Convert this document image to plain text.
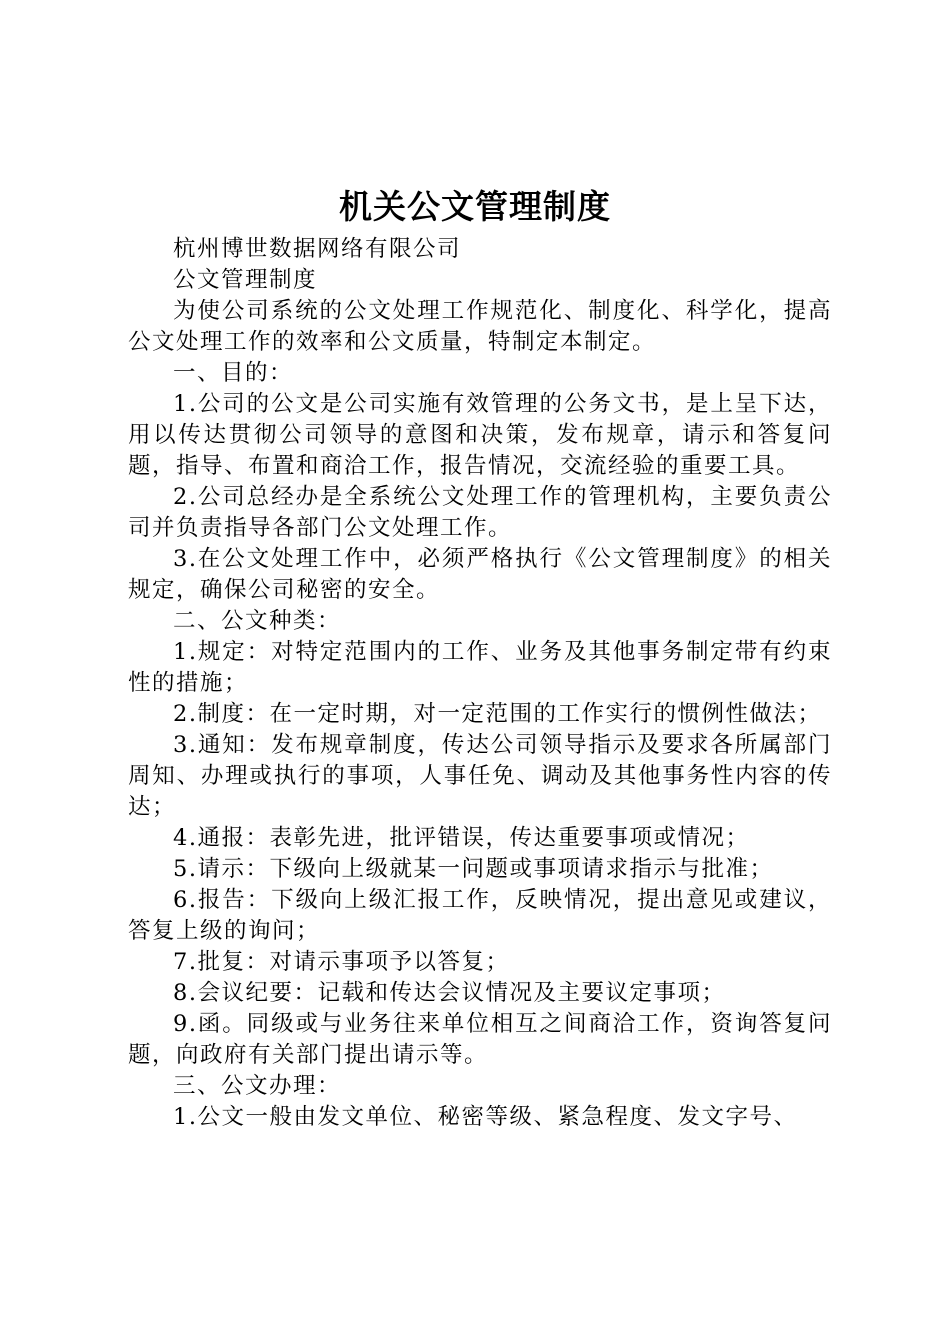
机关公文管理制度

杭州博世数据网络有限公司

公文管理制度

为使公司系统的公文处理工作规范化、制度化、科学化，提高公文处理工作的效率和公文质量，特制定本制定。

一、目的：

1.公司的公文是公司实施有效管理的公务文书，是上呈下达，用以传达贯彻公司领导的意图和决策，发布规章，请示和答复问题，指导、布置和商洽工作，报告情况，交流经验的重要工具。

2.公司总经办是全系统公文处理工作的管理机构，主要负责公司并负责指导各部门公文处理工作。

3.在公文处理工作中，必须严格执行《公文管理制度》的相关规定，确保公司秘密的安全。

二、公文种类：

1.规定：对特定范围内的工作、业务及其他事务制定带有约束性的措施；

2.制度：在一定时期，对一定范围的工作实行的惯例性做法；

3.通知：发布规章制度，传达公司领导指示及要求各所属部门周知、办理或执行的事项，人事任免、调动及其他事务性内容的传达；

4.通报：表彰先进，批评错误，传达重要事项或情况；

5.请示：下级向上级就某一问题或事项请求指示与批准；

6.报告：下级向上级汇报工作，反映情况，提出意见或建议，答复上级的询问；

7.批复：对请示事项予以答复；

8.会议纪要：记载和传达会议情况及主要议定事项；

9.函。同级或与业务往来单位相互之间商洽工作，资询答复问题，向政府有关部门提出请示等。

三、公文办理：

1.公文一般由发文单位、秘密等级、紧急程度、发文字号、
